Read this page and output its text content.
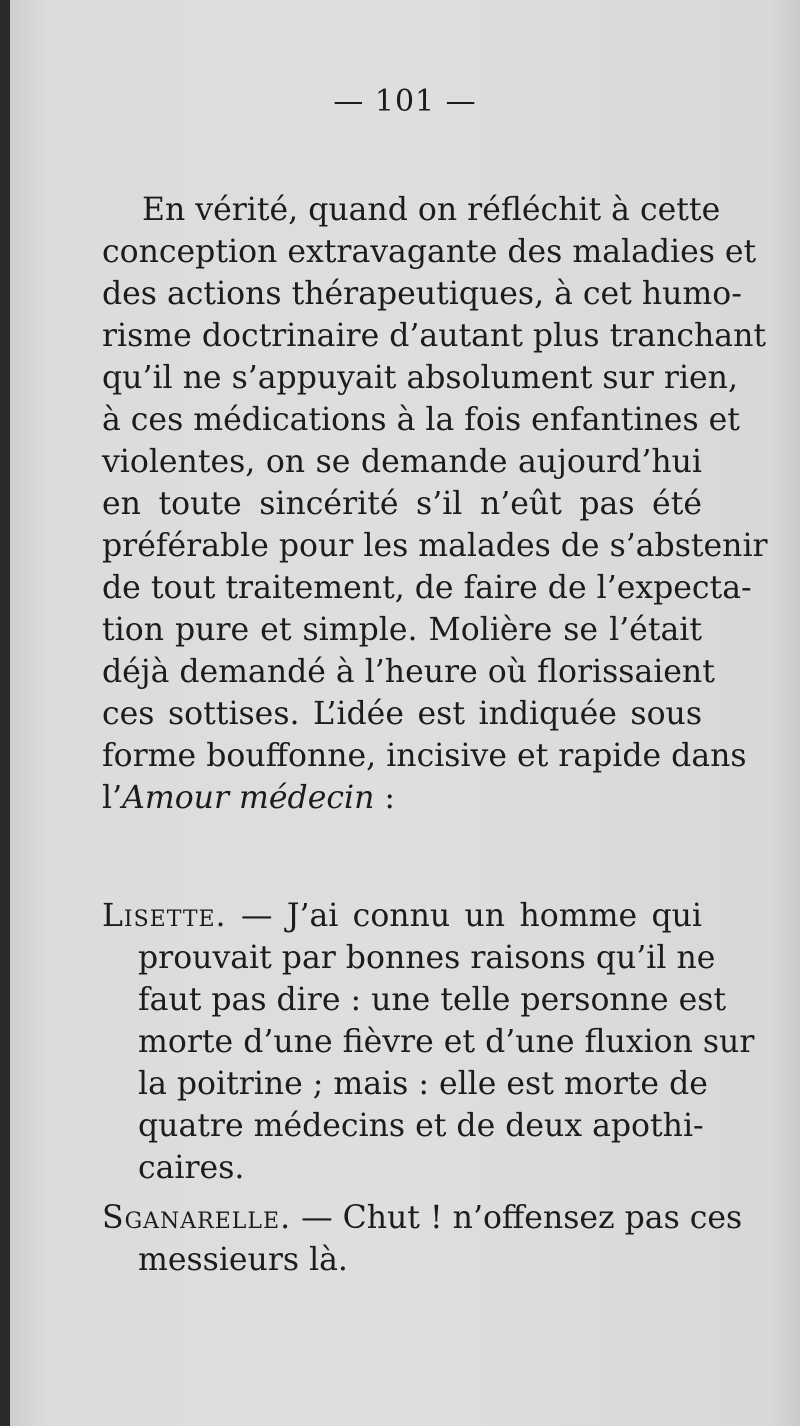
— 101 —
En vérité, quand on réfléchit à cette
conception extravagante des maladies et
des actions thérapeutiques, à cet humo-
risme doctrinaire d’autant plus tranchant
qu’il ne s’appuyait absolument sur rien,
à ces médications à la fois enfantines et
violentes, on se demande aujourd’hui
en toute sincérité s’il n’eût pas été
préférable pour les malades de s’abstenir
de tout traitement, de faire de l’expecta-
tion pure et simple. Molière se l’était
déjà demandé à l’heure où florissaient
ces sottises. L’idée est indiquée sous
forme bouffonne, incisive et rapide dans
l’Amour médecin :
Lisette. — J’ai connu un homme qui
prouvait par bonnes raisons qu’il ne
faut pas dire : une telle personne est
morte d’une fièvre et d’une fluxion sur
la poitrine ; mais : elle est morte de
quatre médecins et de deux apothi-
caires.
Sganarelle. — Chut ! n’offensez pas ces
messieurs là.
